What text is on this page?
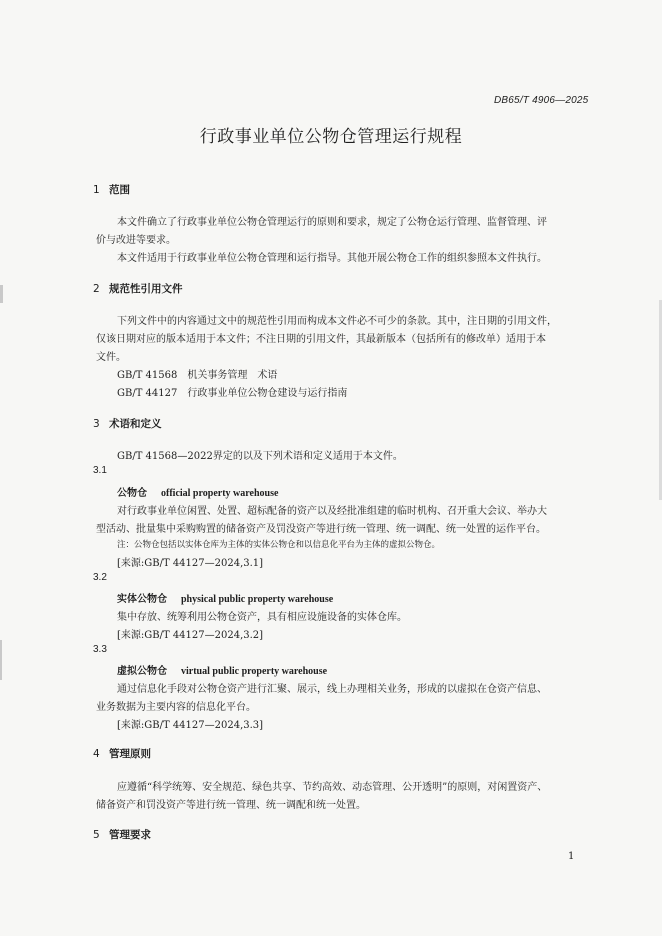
DB65/T 4906—2025
行政事业单位公物仓管理运行规程
1 范围
本文件确立了行政事业单位公物仓管理运行的原则和要求，规定了公物仓运行管理、监督管理、评
价与改进等要求。
本文件适用于行政事业单位公物仓管理和运行指导。其他开展公物仓工作的组织参照本文件执行。
2 规范性引用文件
下列文件中的内容通过文中的规范性引用而构成本文件必不可少的条款。其中，注日期的引用文件，
仅该日期对应的版本适用于本文件；不注日期的引用文件，其最新版本（包括所有的修改单）适用于本
文件。
GB/T 41568　机关事务管理　术语
GB/T 44127　行政事业单位公物仓建设与运行指南
3 术语和定义
GB/T 41568—2022界定的以及下列术语和定义适用于本文件。
3.1
公物仓 official property warehouse
对行政事业单位闲置、处置、超标配备的资产以及经批准组建的临时机构、召开重大会议、举办大
型活动、批量集中采购购置的储备资产及罚没资产等进行统一管理、统一调配、统一处置的运作平台。
注：公物仓包括以实体仓库为主体的实体公物仓和以信息化平台为主体的虚拟公物仓。
[来源:GB/T 44127—2024,3.1]
3.2
实体公物仓 physical public property warehouse
集中存放、统筹利用公物仓资产，具有相应设施设备的实体仓库。
[来源:GB/T 44127—2024,3.2]
3.3
虚拟公物仓 virtual public property warehouse
通过信息化手段对公物仓资产进行汇聚、展示，线上办理相关业务，形成的以虚拟在仓资产信息、
业务数据为主要内容的信息化平台。
[来源:GB/T 44127—2024,3.3]
4 管理原则
应遵循“科学统筹、安全规范、绿色共享、节约高效、动态管理、公开透明”的原则，对闲置资产、
储备资产和罚没资产等进行统一管理、统一调配和统一处置。
5 管理要求
1
